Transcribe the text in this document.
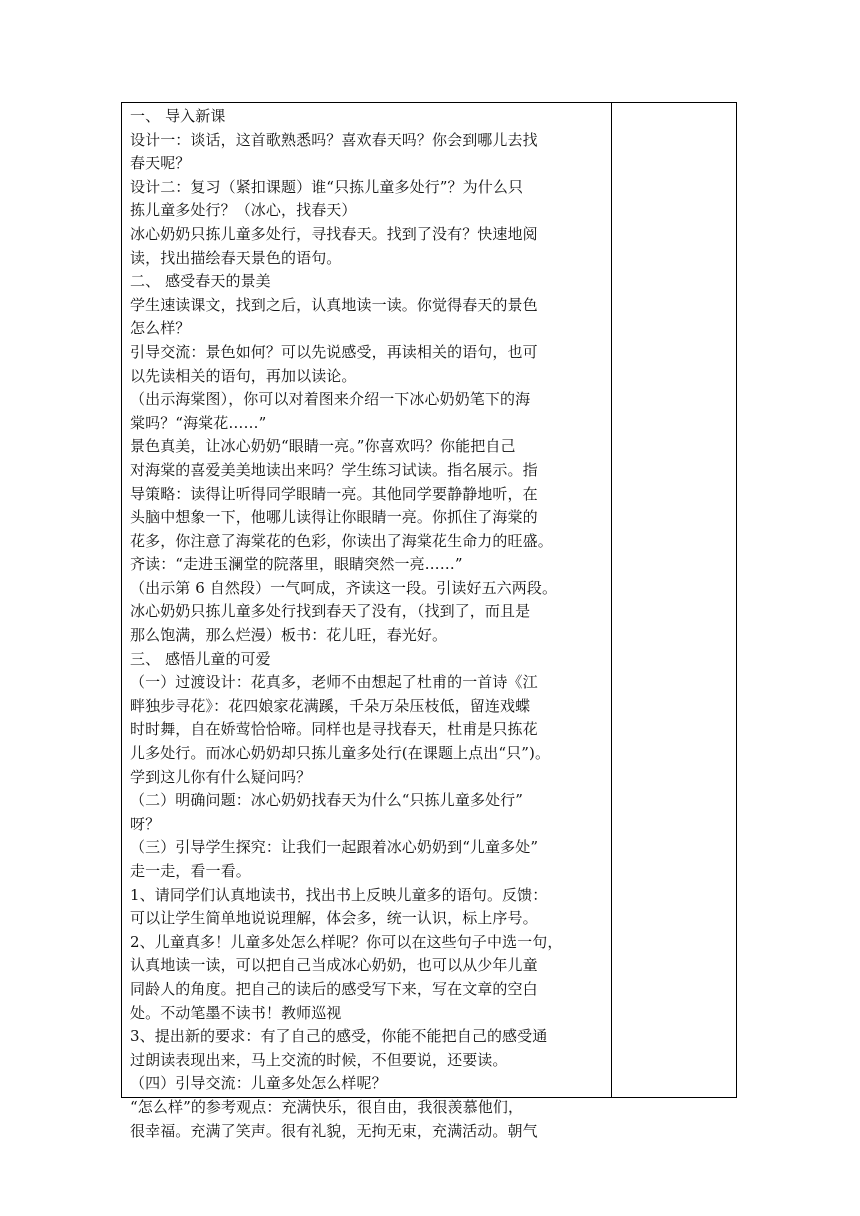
一、 导入新课
设计一：谈话，这首歌熟悉吗？喜欢春天吗？你会到哪儿去找
春天呢？
设计二：复习（紧扣课题）谁“只拣儿童多处行”？为什么只
拣儿童多处行？（冰心，找春天）
冰心奶奶只拣儿童多处行，寻找春天。找到了没有？快速地阅
读，找出描绘春天景色的语句。
二、 感受春天的景美
学生速读课文，找到之后，认真地读一读。你觉得春天的景色
怎么样？
引导交流：景色如何？可以先说感受，再读相关的语句，也可
以先读相关的语句，再加以读论。
（出示海棠图），你可以对着图来介绍一下冰心奶奶笔下的海
棠吗？“海棠花……”
景色真美，让冰心奶奶“眼睛一亮。”你喜欢吗？你能把自己
对海棠的喜爱美美地读出来吗？学生练习试读。指名展示。指
导策略：读得让听得同学眼睛一亮。其他同学要静静地听，在
头脑中想象一下，他哪儿读得让你眼睛一亮。你抓住了海棠的
花多，你注意了海棠花的色彩，你读出了海棠花生命力的旺盛。
齐读：“走进玉澜堂的院落里，眼睛突然一亮……”
（出示第 6 自然段）一气呵成，齐读这一段。引读好五六两段。
冰心奶奶只拣儿童多处行找到春天了没有，（找到了，而且是
那么饱满，那么烂漫）板书：花儿旺，春光好。
三、 感悟儿童的可爱
（一）过渡设计：花真多，老师不由想起了杜甫的一首诗《江
畔独步寻花》：花四娘家花满蹊，千朵万朵压枝低，留连戏蝶
时时舞，自在娇莺恰恰啼。同样也是寻找春天，杜甫是只拣花
儿多处行。而冰心奶奶却只拣儿童多处行(在课题上点出“只”)。
学到这儿你有什么疑问吗？
（二）明确问题：冰心奶奶找春天为什么“只拣儿童多处行”
呀？
（三）引导学生探究：让我们一起跟着冰心奶奶到“儿童多处”
走一走，看一看。
1、请同学们认真地读书，找出书上反映儿童多的语句。反馈：
可以让学生简单地说说理解，体会多，统一认识，标上序号。
2、儿童真多！儿童多处怎么样呢？你可以在这些句子中选一句，
认真地读一读，可以把自己当成冰心奶奶，也可以从少年儿童
同龄人的角度。把自己的读后的感受写下来，写在文章的空白
处。不动笔墨不读书！教师巡视
3、提出新的要求：有了自己的感受，你能不能把自己的感受通
过朗读表现出来，马上交流的时候，不但要说，还要读。
（四）引导交流：儿童多处怎么样呢？
“怎么样”的参考观点：充满快乐，很自由，我很羡慕他们，
很幸福。充满了笑声。很有礼貌，无拘无束，充满活动。朝气
